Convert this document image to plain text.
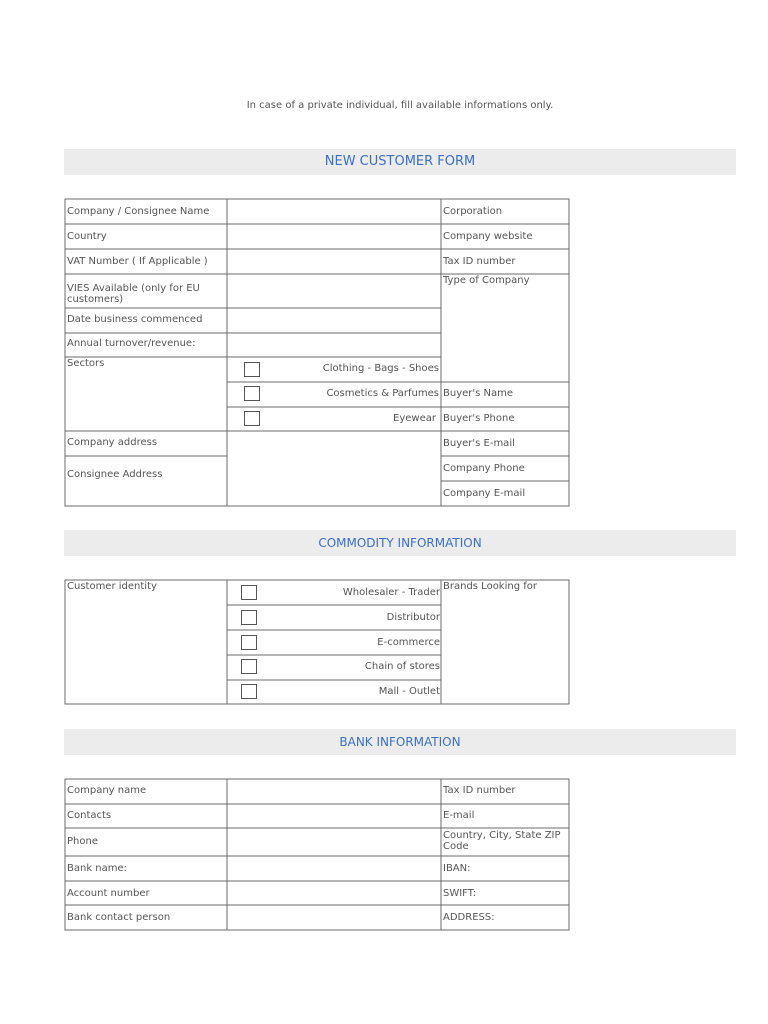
In case of a private individual, fill available informations only.
NEW CUSTOMER FORM
Company / Consignee Name
Country
VAT Number ( If Applicable )
VIES Available (only for EU customers)
Date business commenced
Annual turnover/revenue:
Sectors
Company address
Consignee Address
Clothing - Bags - Shoes
Cosmetics & Parfumes
Eyewear
Corporation
Company website
Tax ID number
Type of Company
Buyer's Name
Buyer's Phone
Buyer's E-mail
Company Phone
Company E-mail
COMMODITY INFORMATION
Customer identity	Brands Looking for
Wholesaler - Trader
Distributor
E-commerce
Chain of stores
Mall - Outlet
BANK INFORMATION
Company name
Contacts
Phone
Bank name:
Account number
Bank contact person
Tax ID number
E-mail
Country, City, State ZIP Code
IBAN:
SWIFT:
ADDRESS:
